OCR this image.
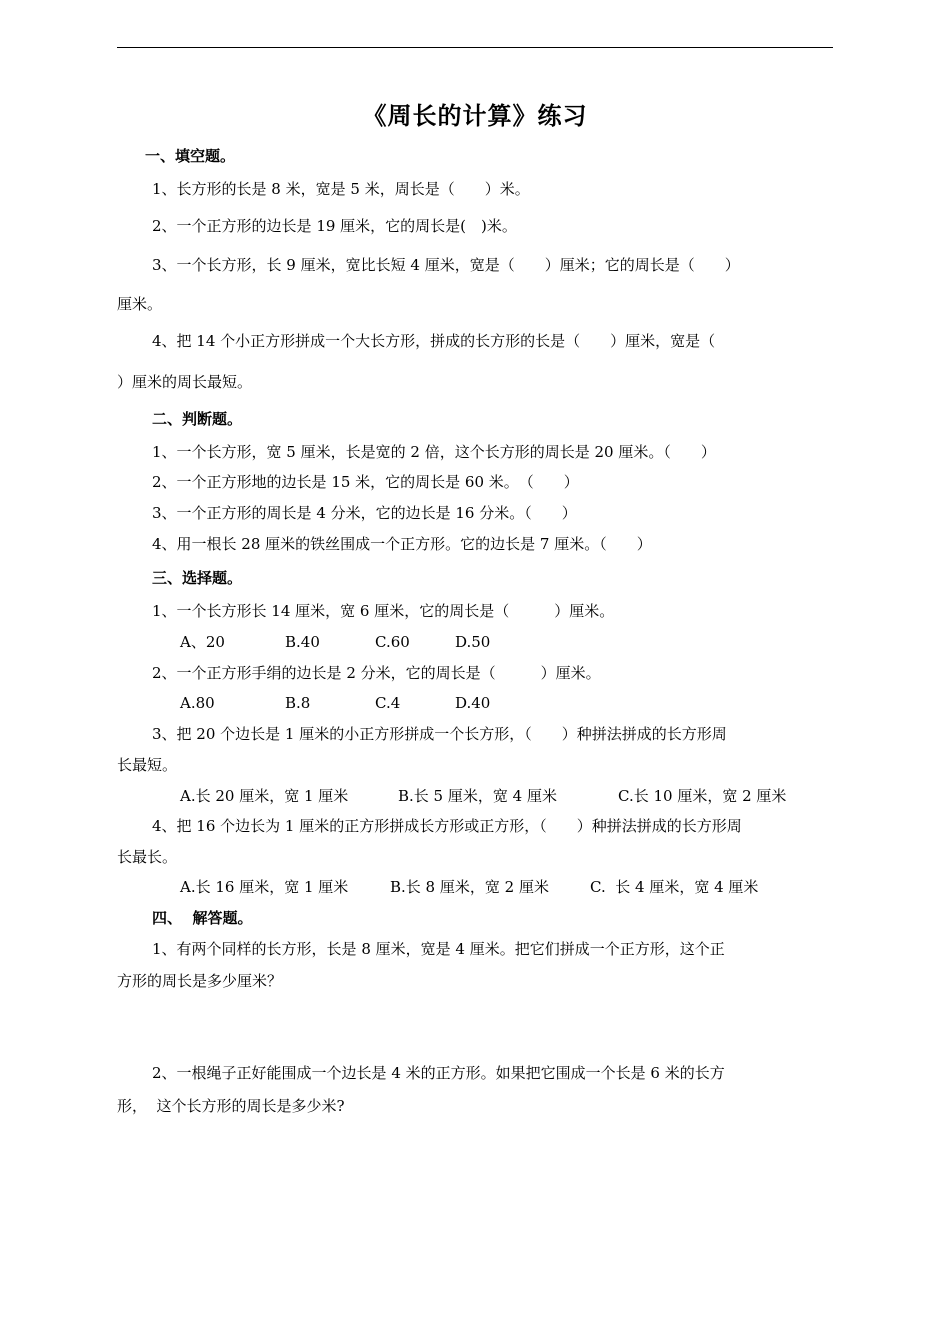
《周长的计算》练习
一、填空题。
1、长方形的长是 8 米，宽是 5 米，周长是（　　）米。
2、一个正方形的边长是 19 厘米，它的周长是(　)米。
3、一个长方形，长 9 厘米，宽比长短 4 厘米，宽是（　　）厘米；它的周长是（　　）
厘米。
4、把 14 个小正方形拼成一个大长方形，拼成的长方形的长是（　　）厘米，宽是（
）厘米的周长最短。
二、判断题。
1、一个长方形，宽 5 厘米，长是宽的 2 倍，这个长方形的周长是 20 厘米。（　　）
2、一个正方形地的边长是 15 米，它的周长是 60 米。　（　　）
3、一个正方形的周长是 4 分米，它的边长是 16 分米。（　　）
4、用一根长 28 厘米的铁丝围成一个正方形。它的边长是 7 厘米。（　　）
三、选择题。
1、一个长方形长 14 厘米，宽 6 厘米，它的周长是（　　　）厘米。
A、20	B.40	C.60	D.50
2、一个正方形手绢的边长是 2 分米，它的周长是（　　　）厘米。
A.80	B.8	C.4	D.40
3、把 20 个边长是 1 厘米的小正方形拼成一个长方形，（　　）种拼法拼成的长方形周
长最短。
A.长 20 厘米，宽 1 厘米	B.长 5 厘米，宽 4 厘米	C.长 10 厘米，宽 2 厘米
4、把 16 个边长为 1 厘米的正方形拼成长方形或正方形，（　　）种拼法拼成的长方形周
长最长。
A.长 16 厘米，宽 1 厘米	B.长 8 厘米，宽 2 厘米	C.  长 4 厘米，宽 4 厘米
四、  解答题。
1、有两个同样的长方形，长是 8 厘米，宽是 4 厘米。把它们拼成一个正方形，这个正
方形的周长是多少厘米？
2、一根绳子正好能围成一个边长是 4 米的正方形。如果把它围成一个长是 6 米的长方
形，  这个长方形的周长是多少米?
